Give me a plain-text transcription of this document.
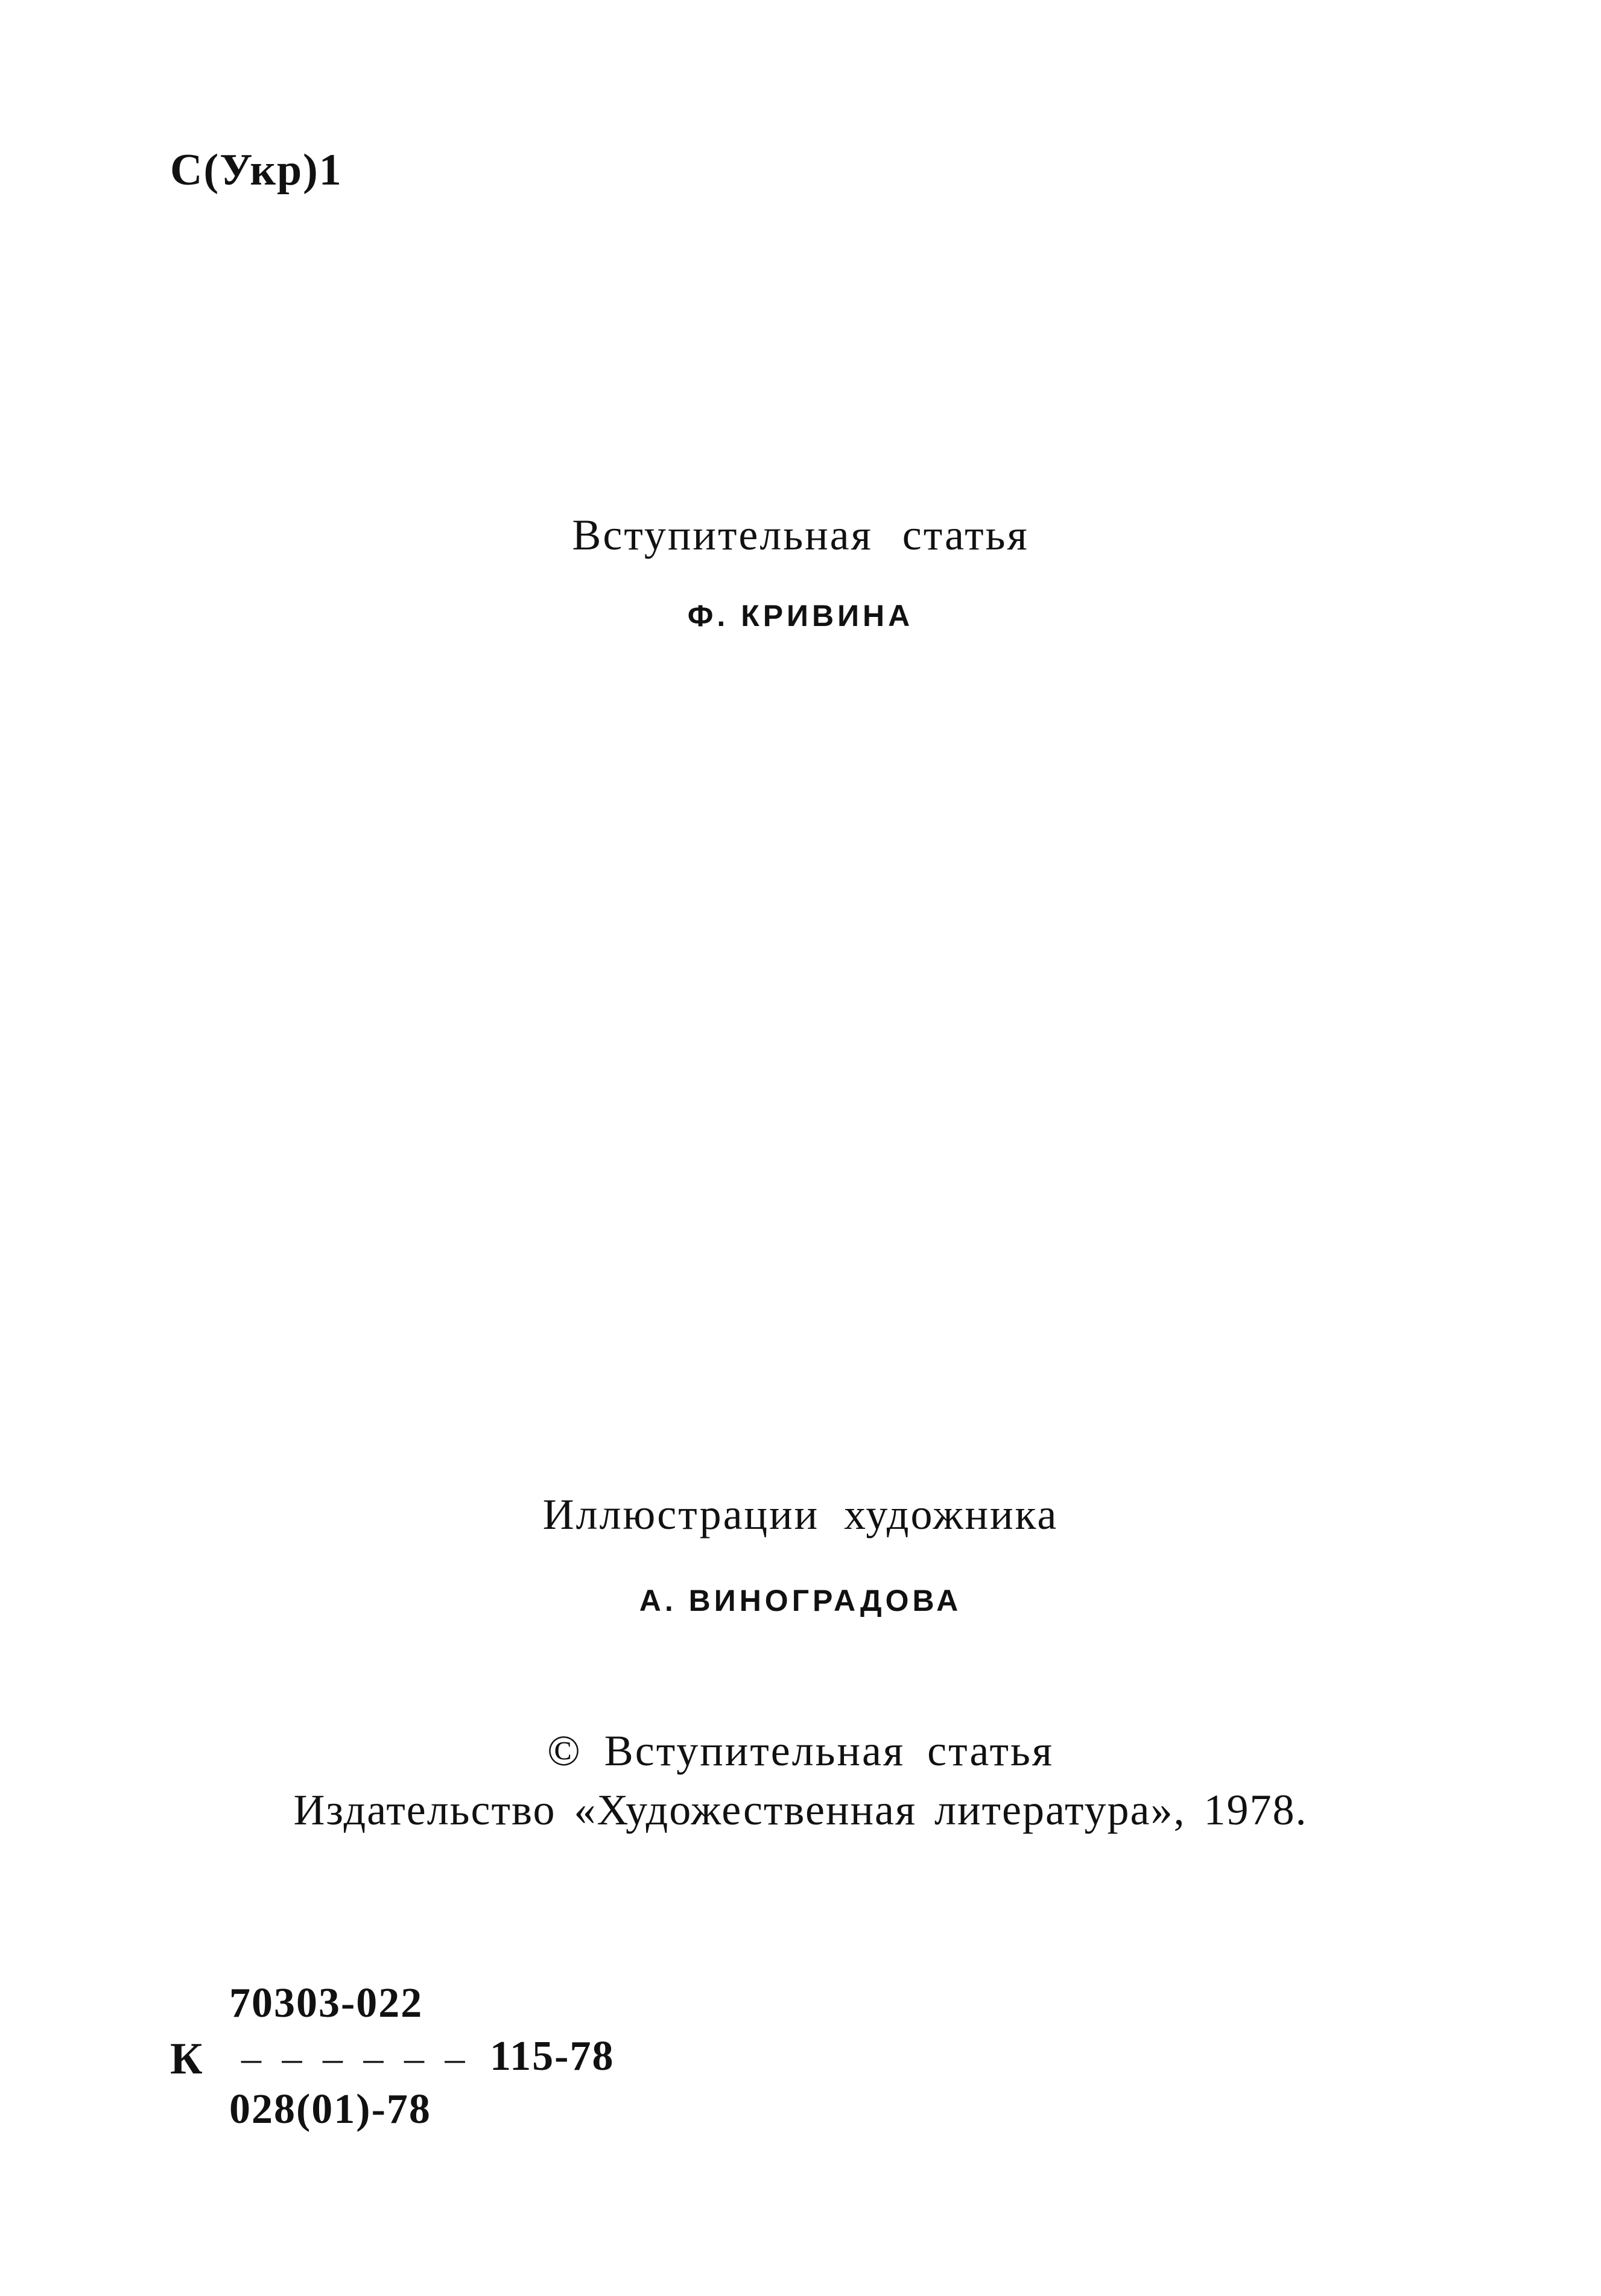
С(Укр)1
Вступительная статья
Ф. КРИВИНА
Иллюстрации художника
А. ВИНОГРАДОВА
© Вступительная статья
Издательство «Художественная литература», 1978.
К
70303-022
– – – – – – 115-78
028(01)-78
